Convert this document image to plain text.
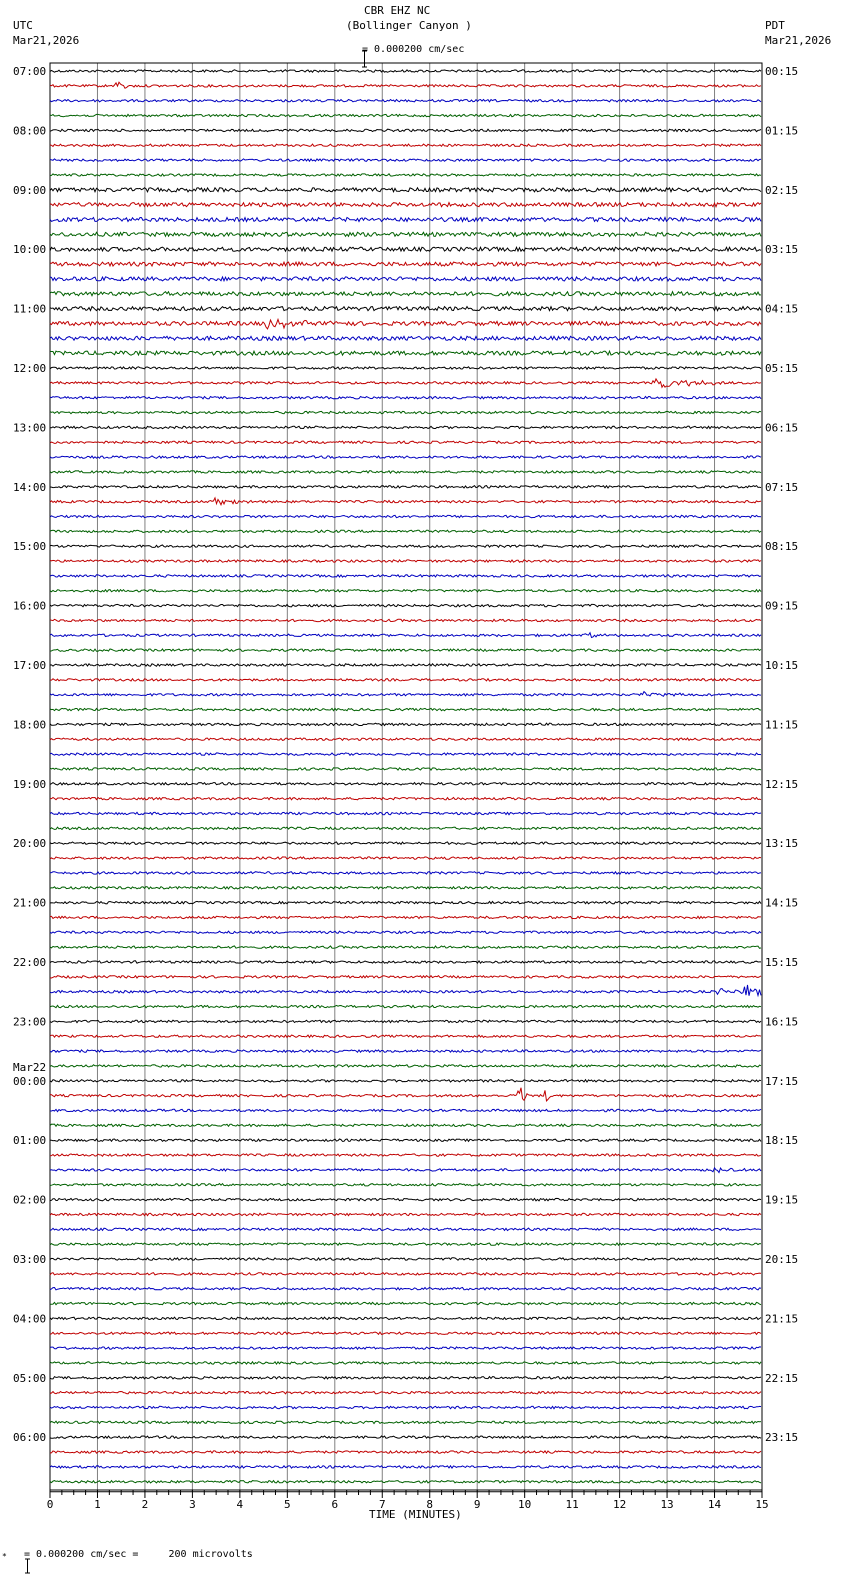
CBR EHZ NC
(Bollinger Canyon )

= 0.000200 cm/sec
UTC
Mar21,2026
PDT
Mar21,2026
07:00	00:15
08:00	01:15
09:00	02:15
10:00	03:15
11:00	04:15
12:00	05:15
13:00	06:15
14:00	07:15
15:00	08:15
16:00	09:15
17:00	10:15
18:00	11:15
19:00	12:15
20:00	13:15
21:00	14:15
22:00	15:15
23:00	16:15
00:00	17:15
Mar22
01:00	18:15
02:00	19:15
03:00	20:15
04:00	21:15
05:00	22:15
06:00	23:15
0	1	2	3	4	5	6	7	8	9	10	11	12	13	14	15
TIME (MINUTES)
*

= 0.000200 cm/sec =     200 microvolts
